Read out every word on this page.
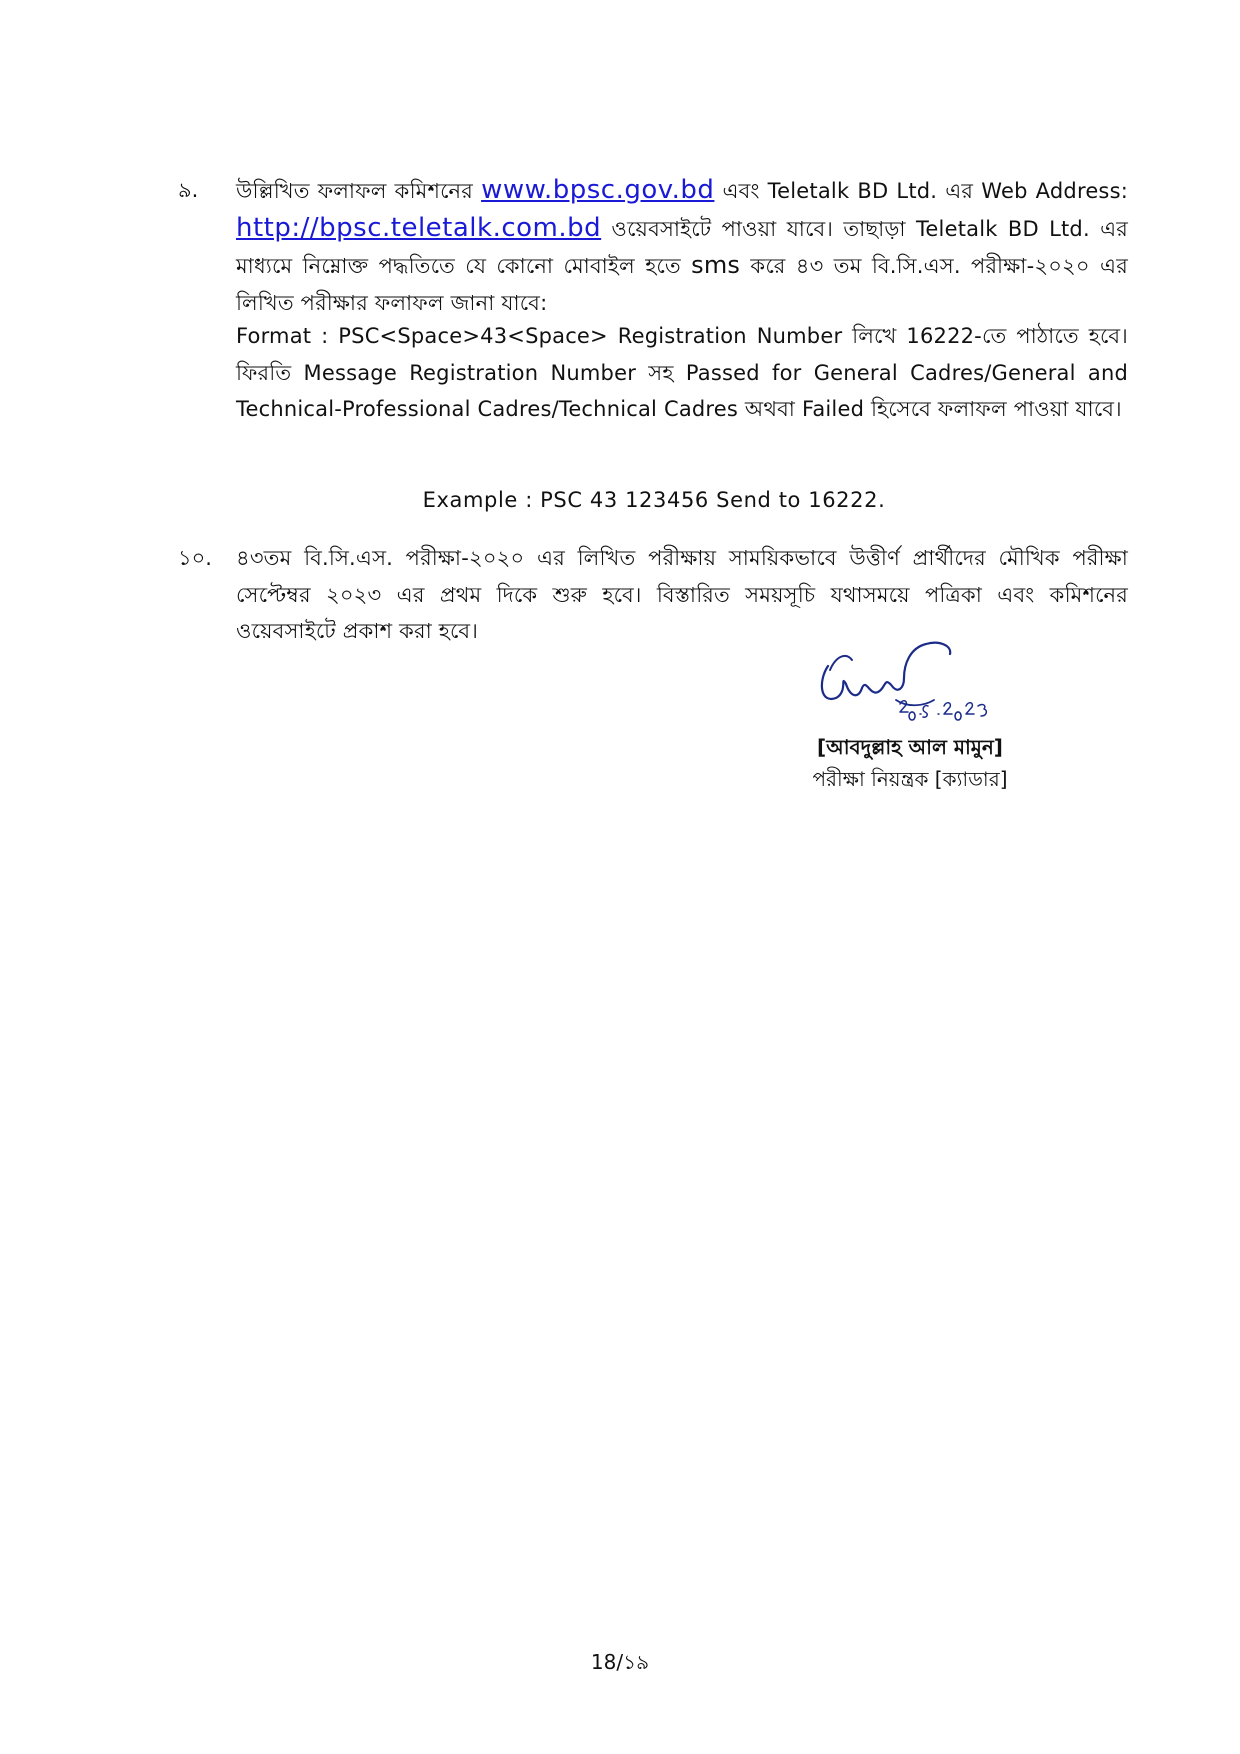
৯. উল্লিখিত ফলাফল কমিশনের www.bpsc.gov.bd এবং Teletalk BD Ltd. এর Web Address: http://bpsc.teletalk.com.bd ওয়েবসাইটে পাওয়া যাবে। তাছাড়া Teletalk BD Ltd. এর মাধ্যমে নিম্নোক্ত পদ্ধতিতে যে কোনো মোবাইল হতে sms করে ৪৩ তম বি.সি.এস. পরীক্ষা-২০২০ এর লিখিত পরীক্ষার ফলাফল জানা যাবে:
Format : PSC<Space>43<Space> Registration Number লিখে 16222-তে পাঠাতে হবে। ফিরতি Message Registration Number সহ Passed for General Cadres/General and Technical-Professional Cadres/Technical Cadres অথবা Failed হিসেবে ফলাফল পাওয়া যাবে।
Example : PSC 43 123456 Send to 16222.
১০. ৪৩তম বি.সি.এস. পরীক্ষা-২০২০ এর লিখিত পরীক্ষায় সাময়িকভাবে উত্তীর্ণ প্রার্থীদের মৌখিক পরীক্ষা সেপ্টেম্বর ২০২৩ এর প্রথম দিকে শুরু হবে। বিস্তারিত সময়সূচি যথাসময়ে পত্রিকা এবং কমিশনের ওয়েবসাইটে প্রকাশ করা হবে।
[আবদুল্লাহ আল মামুন]
পরীক্ষা নিয়ন্ত্রক [ক্যাডার]
18/১৯
